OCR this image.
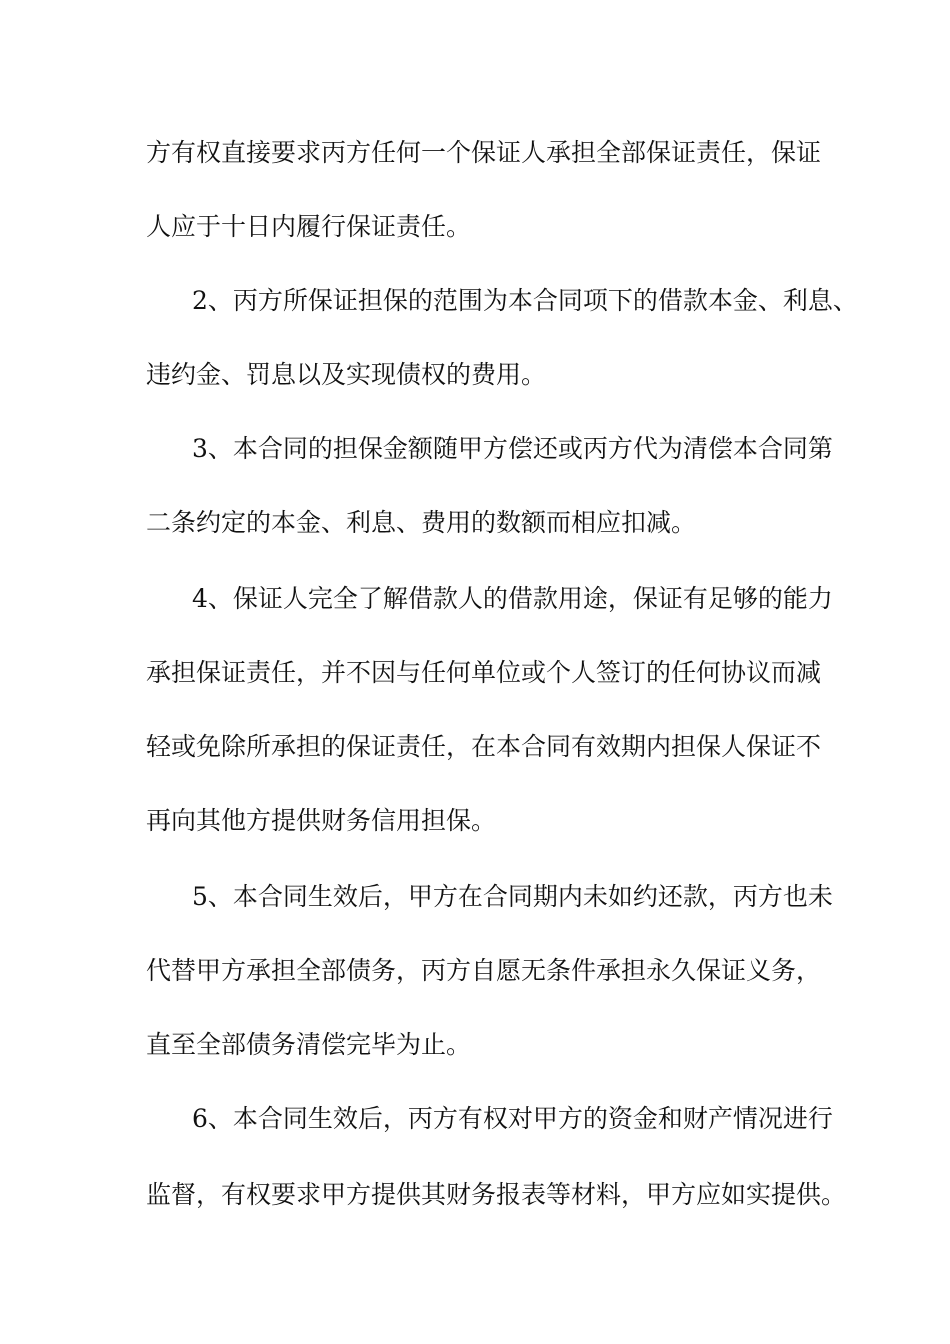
方有权直接要求丙方任何一个保证人承担全部保证责任，保证
人应于十日内履行保证责任。
2、丙方所保证担保的范围为本合同项下的借款本金、利息、
违约金、罚息以及实现债权的费用。
3、本合同的担保金额随甲方偿还或丙方代为清偿本合同第
二条约定的本金、利息、费用的数额而相应扣减。
4、保证人完全了解借款人的借款用途，保证有足够的能力
承担保证责任，并不因与任何单位或个人签订的任何协议而减
轻或免除所承担的保证责任，在本合同有效期内担保人保证不
再向其他方提供财务信用担保。
5、本合同生效后，甲方在合同期内未如约还款，丙方也未
代替甲方承担全部债务，丙方自愿无条件承担永久保证义务，
直至全部债务清偿完毕为止。
6、本合同生效后，丙方有权对甲方的资金和财产情况进行
监督，有权要求甲方提供其财务报表等材料，甲方应如实提供。
